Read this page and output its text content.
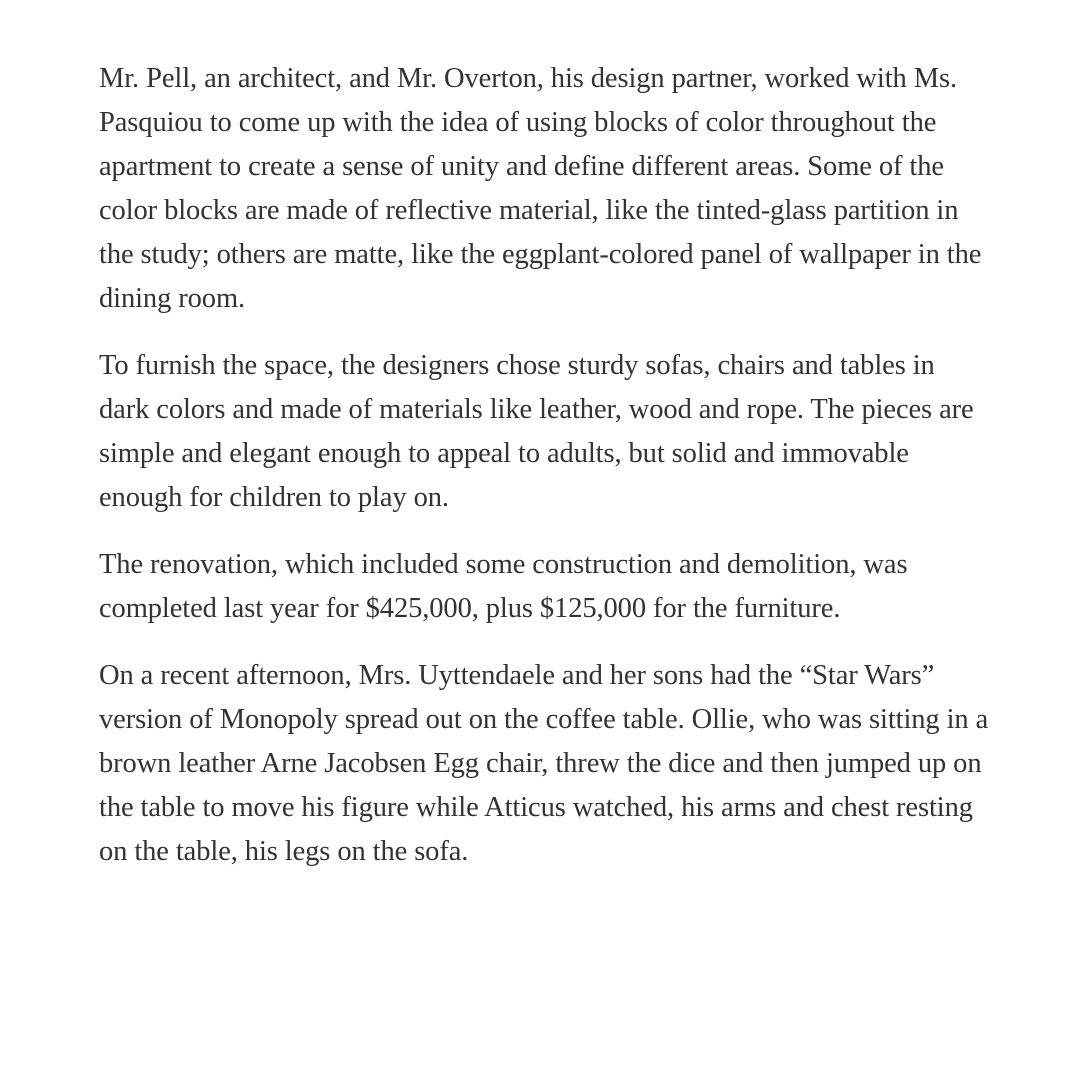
Mr. Pell, an architect, and Mr. Overton, his design partner, worked with Ms. Pasquiou to come up with the idea of using blocks of color throughout the apartment to create a sense of unity and define different areas. Some of the color blocks are made of reflective material, like the tinted-glass partition in the study; others are matte, like the eggplant-colored panel of wallpaper in the dining room.

To furnish the space, the designers chose sturdy sofas, chairs and tables in dark colors and made of materials like leather, wood and rope. The pieces are simple and elegant enough to appeal to adults, but solid and immovable enough for children to play on.

The renovation, which included some construction and demolition, was completed last year for $425,000, plus $125,000 for the furniture.

On a recent afternoon, Mrs. Uyttendaele and her sons had the “Star Wars” version of Monopoly spread out on the coffee table. Ollie, who was sitting in a brown leather Arne Jacobsen Egg chair, threw the dice and then jumped up on the table to move his figure while Atticus watched, his arms and chest resting on the table, his legs on the sofa.
